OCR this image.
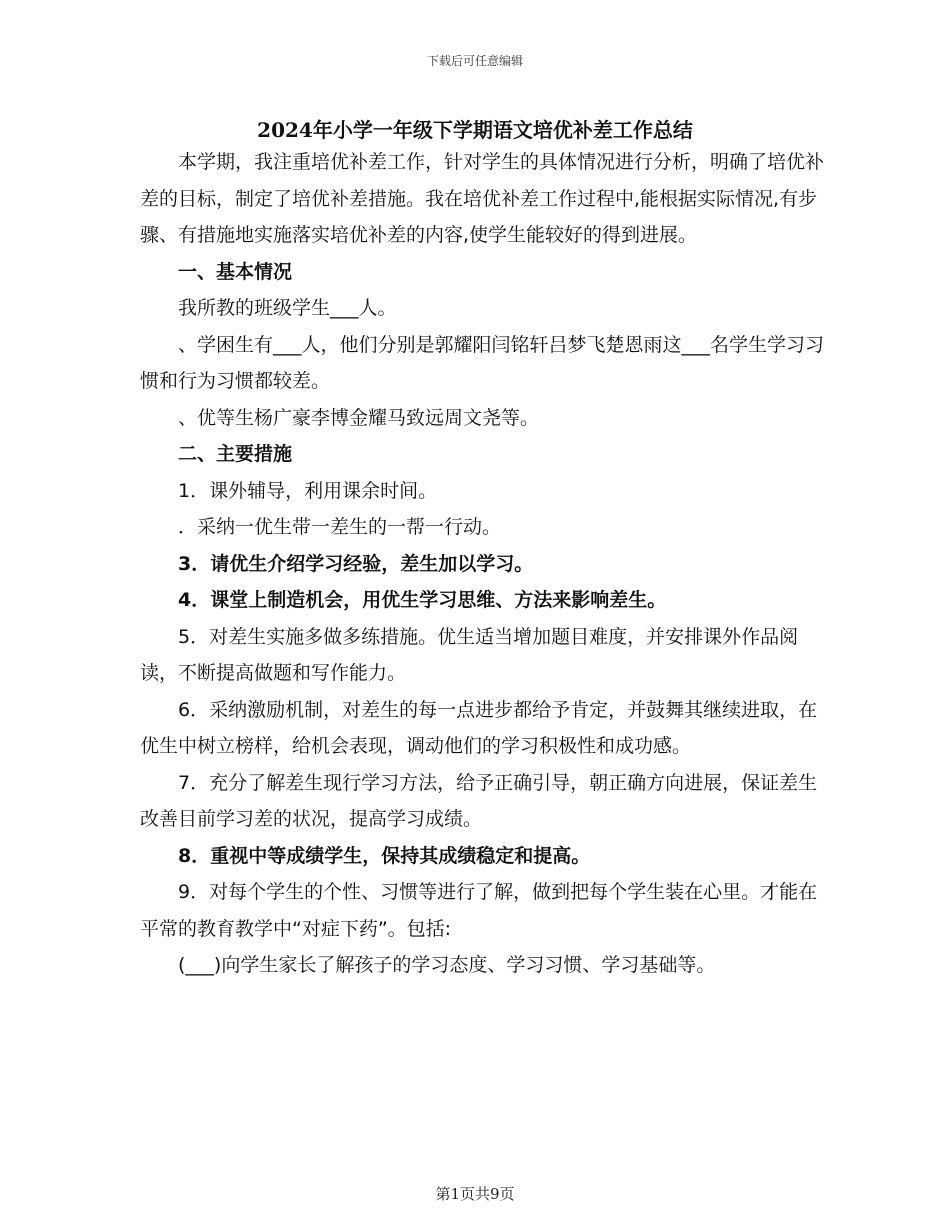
下载后可任意编辑
2024年小学一年级下学期语文培优补差工作总结

本学期，我注重培优补差工作，针对学生的具体情况进行分析，明确了培优补差的目标，制定了培优补差措施。我在培优补差工作过程中,能根据实际情况,有步骤、有措施地实施落实培优补差的内容,使学生能较好的得到进展。

一、基本情况

我所教的班级学生___人。

、学困生有___人，他们分别是郭耀阳闫铭轩吕梦飞楚恩雨这___名学生学习习惯和行为习惯都较差。

、优等生杨广豪李博金耀马致远周文尧等。

二、主要措施

1．课外辅导，利用课余时间。

．采纳一优生带一差生的一帮一行动。

3．请优生介绍学习经验，差生加以学习。

4．课堂上制造机会，用优生学习思维、方法来影响差生。

5．对差生实施多做多练措施。优生适当增加题目难度，并安排课外作品阅读，不断提高做题和写作能力。

6．采纳激励机制，对差生的每一点进步都给予肯定，并鼓舞其继续进取，在优生中树立榜样，给机会表现，调动他们的学习积极性和成功感。

7．充分了解差生现行学习方法，给予正确引导，朝正确方向进展，保证差生改善目前学习差的状况，提高学习成绩。

8．重视中等成绩学生，保持其成绩稳定和提高。

9．对每个学生的个性、习惯等进行了解，做到把每个学生装在心里。才能在平常的教育教学中“对症下药”。包括:

(___)向学生家长了解孩子的学习态度、学习习惯、学习基础等。

第1页共9页
